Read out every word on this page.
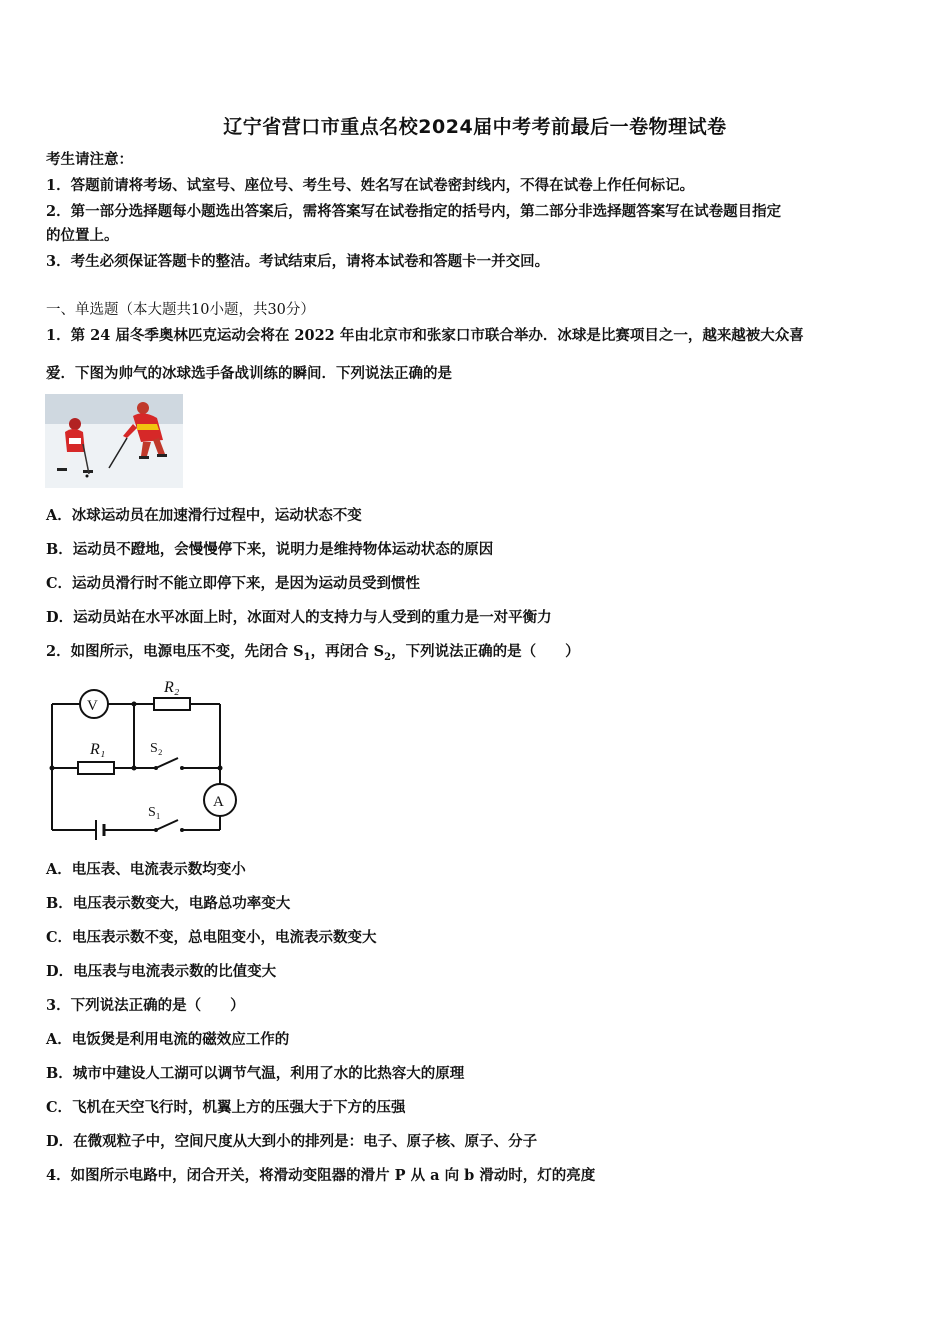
辽宁省营口市重点名校2024届中考考前最后一卷物理试卷
考生请注意：
1．答题前请将考场、试室号、座位号、考生号、姓名写在试卷密封线内，不得在试卷上作任何标记。
2．第一部分选择题每小题选出答案后，需将答案写在试卷指定的括号内，第二部分非选择题答案写在试卷题目指定
的位置上。
3．考生必须保证答题卡的整洁。考试结束后，请将本试卷和答题卡一并交回。
一、单选题（本大题共10小题，共30分）
1．第 24 届冬季奥林匹克运动会将在 2022 年由北京市和张家口市联合举办．冰球是比赛项目之一，越来越被大众喜
爱．下图为帅气的冰球选手备战训练的瞬间．下列说法正确的是
A．冰球运动员在加速滑行过程中，运动状态不变
B．运动员不蹬地，会慢慢停下来，说明力是维持物体运动状态的原因
C．运动员滑行时不能立即停下来，是因为运动员受到惯性
D．运动员站在水平冰面上时，冰面对人的支持力与人受到的重力是一对平衡力
2．如图所示，电源电压不变，先闭合 $S_1$，再闭合 $S_2$，下列说法正确的是（　　）
V
A
R₂
R₁	S₂
S₁
A．电压表、电流表示数均变小
B．电压表示数变大，电路总功率变大
C．电压表示数不变，总电阻变小，电流表示数变大
D．电压表与电流表示数的比值变大
3．下列说法正确的是（　　）
A．电饭煲是利用电流的磁效应工作的
B．城市中建设人工湖可以调节气温，利用了水的比热容大的原理
C．飞机在天空飞行时，机翼上方的压强大于下方的压强
D．在微观粒子中，空间尺度从大到小的排列是：电子、原子核、原子、分子
4．如图所示电路中，闭合开关，将滑动变阻器的滑片 P 从 a 向 b 滑动时，灯的亮度
